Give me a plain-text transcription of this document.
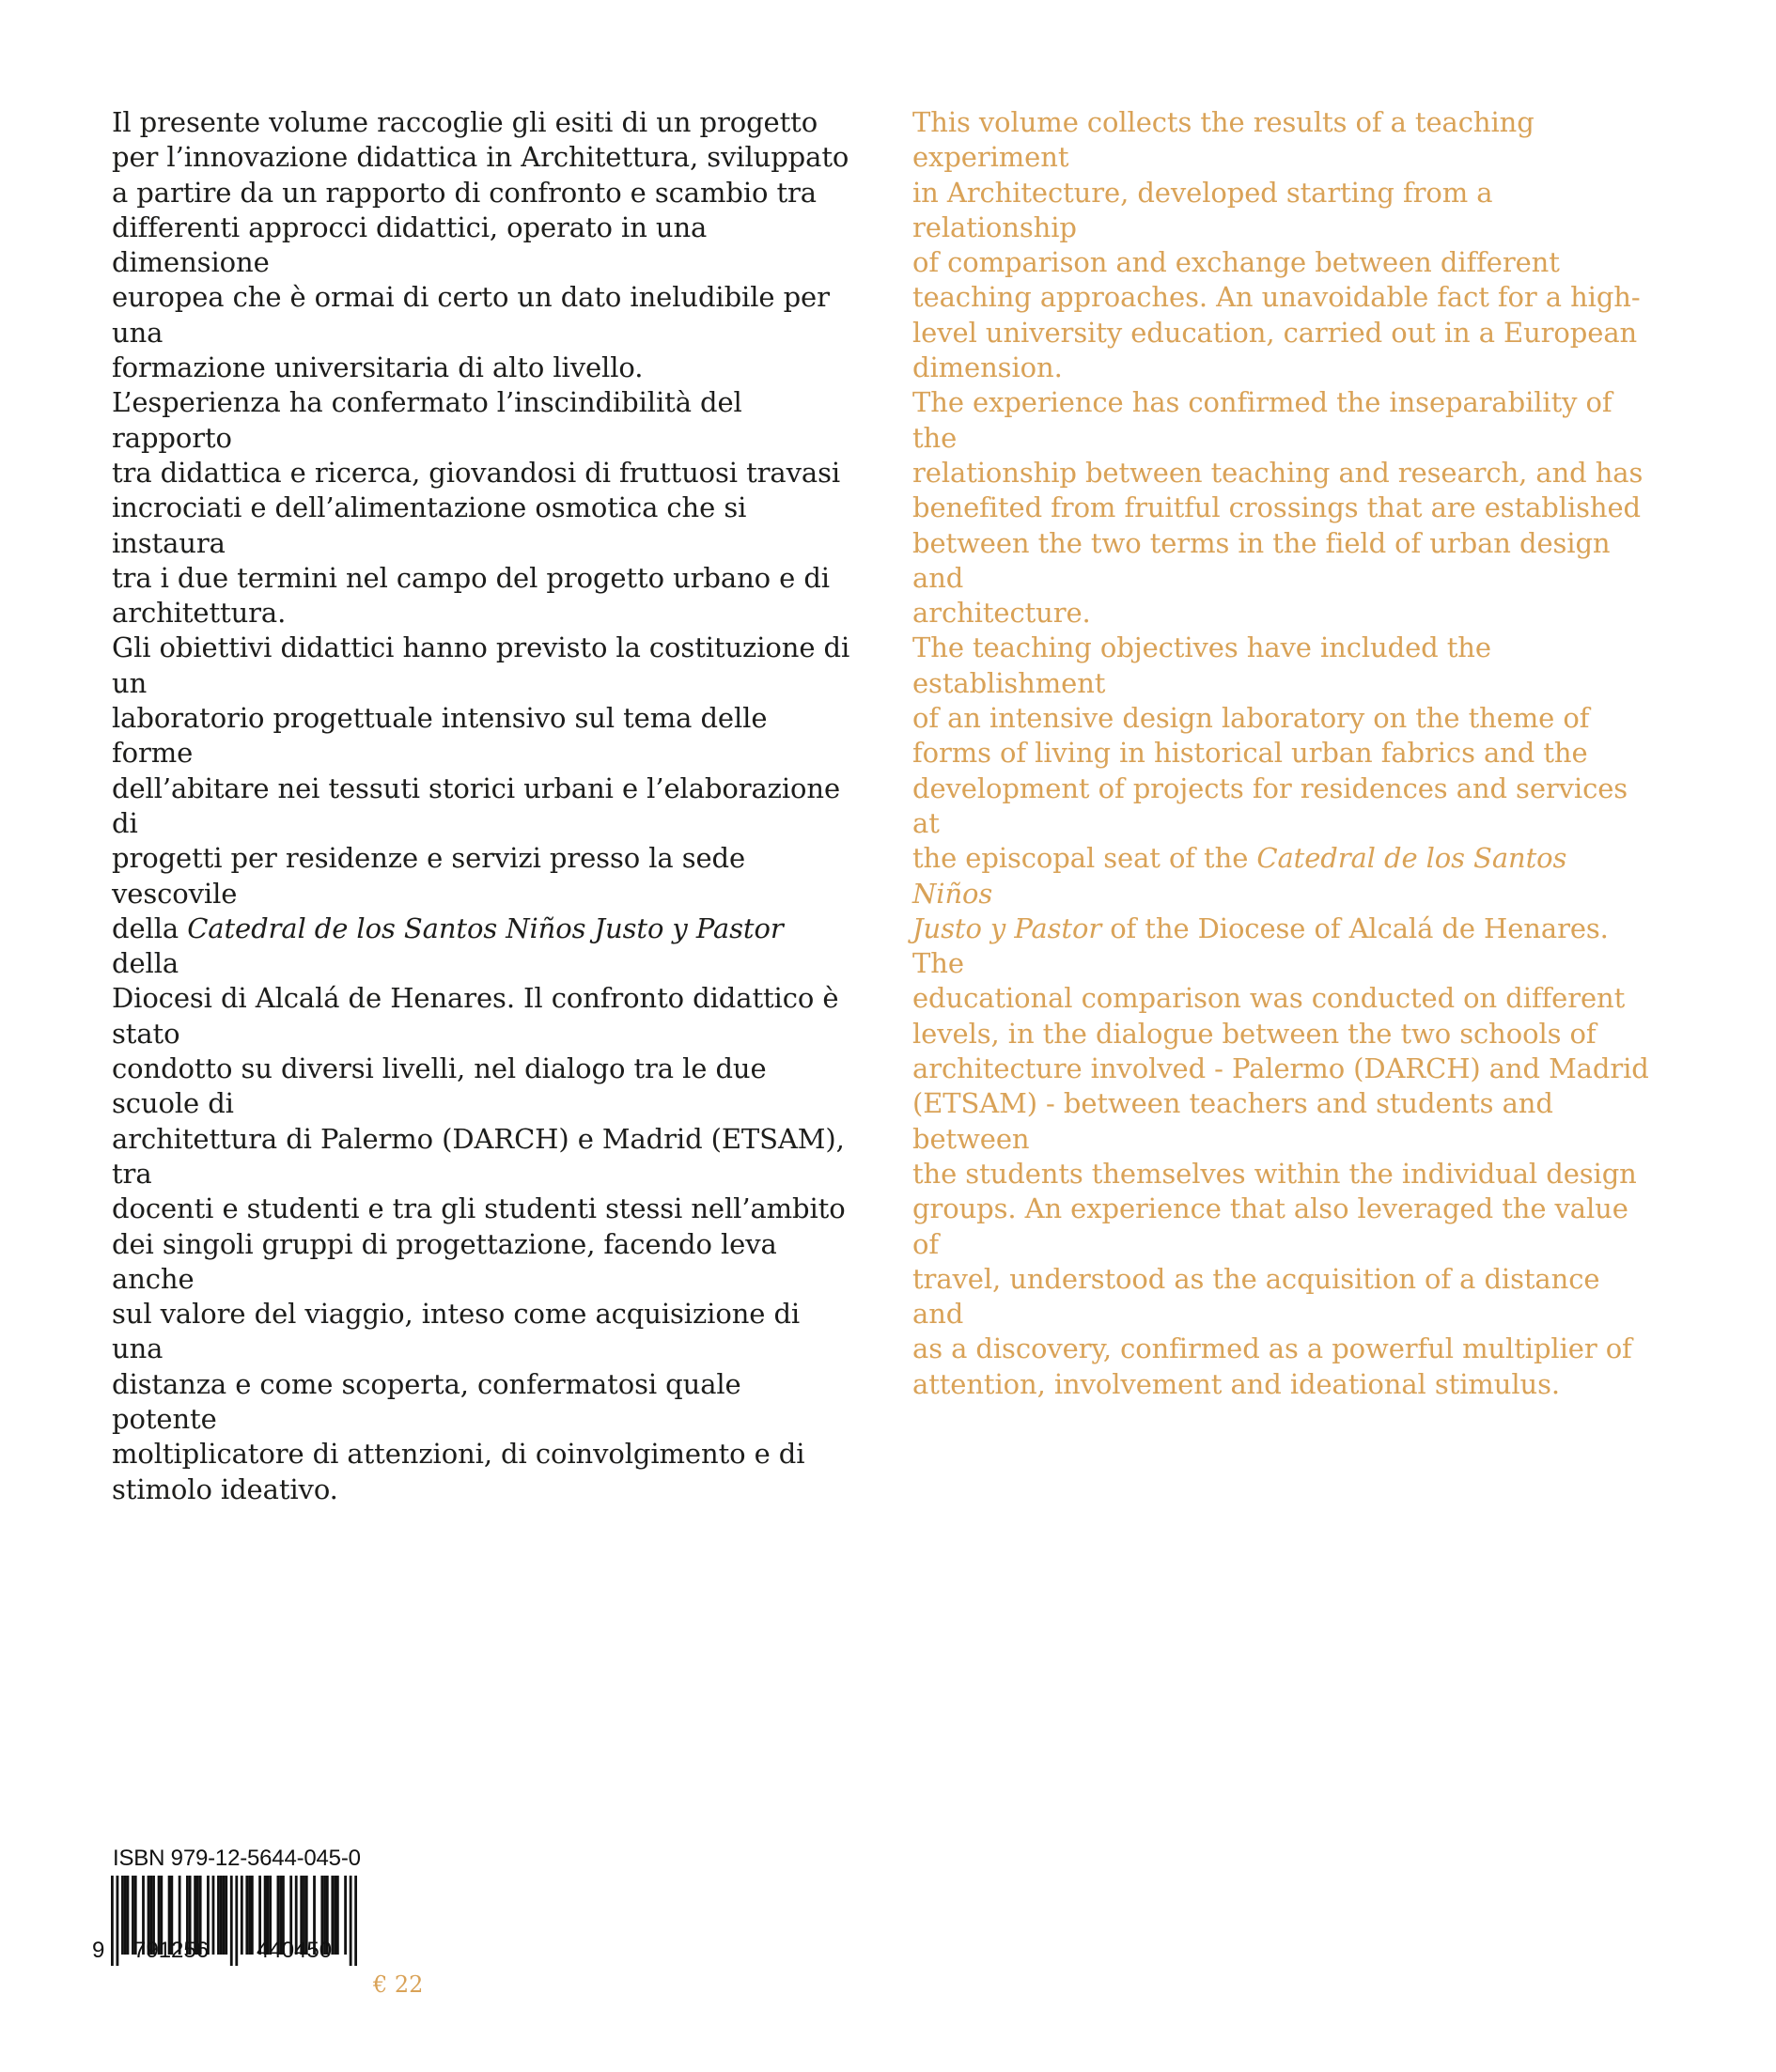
Il presente volume raccoglie gli esiti di un progetto
per l’innovazione didattica in Architettura, sviluppato
a partire da un rapporto di confronto e scambio tra
differenti approcci didattici, operato in una dimensione
europea che è ormai di certo un dato ineludibile per una
formazione universitaria di alto livello.

L’esperienza ha confermato l’inscindibilità del rapporto
tra didattica e ricerca, giovandosi di fruttuosi travasi
incrociati e dell’alimentazione osmotica che si instaura
tra i due termini nel campo del progetto urbano e di
architettura.

Gli obiettivi didattici hanno previsto la costituzione di un
laboratorio progettuale intensivo sul tema delle forme
dell’abitare nei tessuti storici urbani e l’elaborazione di
progetti per residenze e servizi presso la sede vescovile
della Catedral de los Santos Niños Justo y Pastor della
Diocesi di Alcalá de Henares. Il confronto didattico è stato
condotto su diversi livelli, nel dialogo tra le due scuole di
architettura di Palermo (DARCH) e Madrid (ETSAM), tra
docenti e studenti e tra gli studenti stessi nell’ambito
dei singoli gruppi di progettazione, facendo leva anche
sul valore del viaggio, inteso come acquisizione di una
distanza e come scoperta, confermatosi quale potente
moltiplicatore di attenzioni, di coinvolgimento e di
stimolo ideativo.

This volume collects the results of a teaching experiment
in Architecture, developed starting from a relationship
of comparison and exchange between different
teaching approaches. An unavoidable fact for a high-
level university education, carried out in a European
dimension.

The experience has confirmed the inseparability of the
relationship between teaching and research, and has
benefited from fruitful crossings that are established
between the two terms in the field of urban design and
architecture.

The teaching objectives have included the establishment
of an intensive design laboratory on the theme of
forms of living in historical urban fabrics and the
development of projects for residences and services at
the episcopal seat of the Catedral de los Santos Niños
Justo y Pastor of the Diocese of Alcalá de Henares. The
educational comparison was conducted on different
levels, in the dialogue between the two schools of
architecture involved - Palermo (DARCH) and Madrid
(ETSAM) - between teachers and students and between
the students themselves within the individual design
groups. An experience that also leveraged the value of
travel, understood as the acquisition of a distance and
as a discovery, confirmed as a powerful multiplier of
attention, involvement and ideational stimulus.

ISBN 979-12-5644-045-0
9 791256 440450
€ 22
